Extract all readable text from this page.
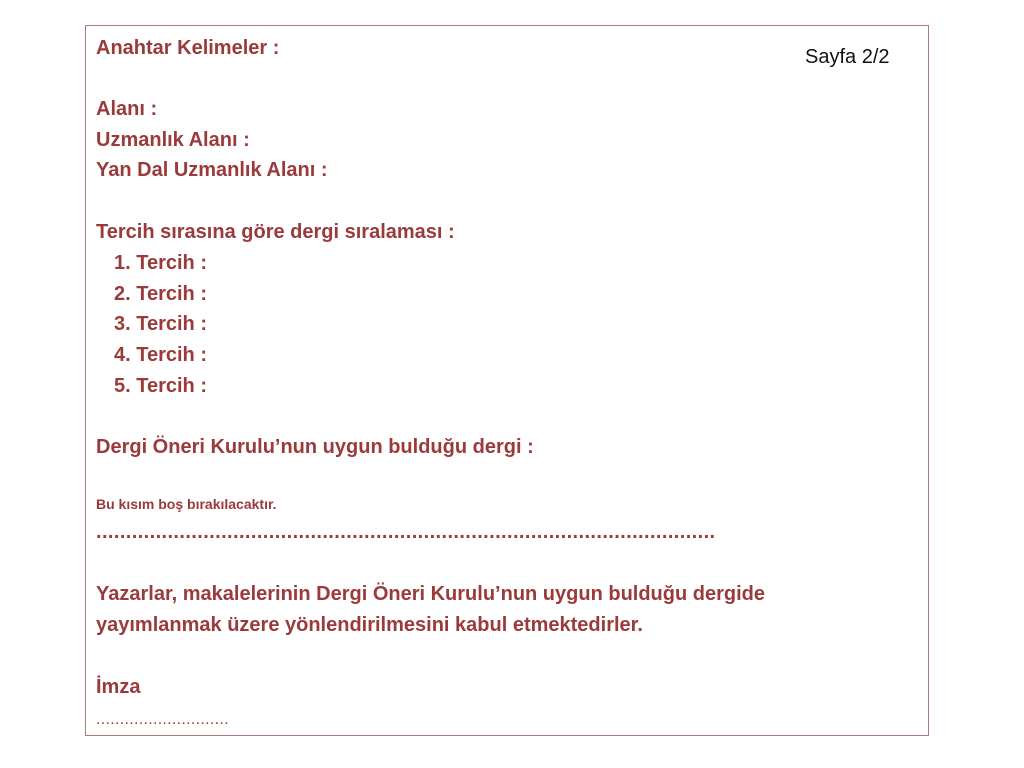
Sayfa 2/2
Anahtar Kelimeler :
Alanı :
Uzmanlık Alanı :
Yan Dal Uzmanlık Alanı :
Tercih sırasına göre dergi sıralaması :
1. Tercih :
2. Tercih :
3. Tercih :
4. Tercih :
5. Tercih :
Dergi Öneri Kurulu’nun uygun bulduğu dergi :
Bu kısım boş bırakılacaktır.
........................................................................................................
Yazarlar, makalelerinin Dergi Öneri Kurulu’nun uygun bulduğu dergide
yayımlanmak üzere yönlendirilmesini kabul etmektedirler.
İmza
............................
